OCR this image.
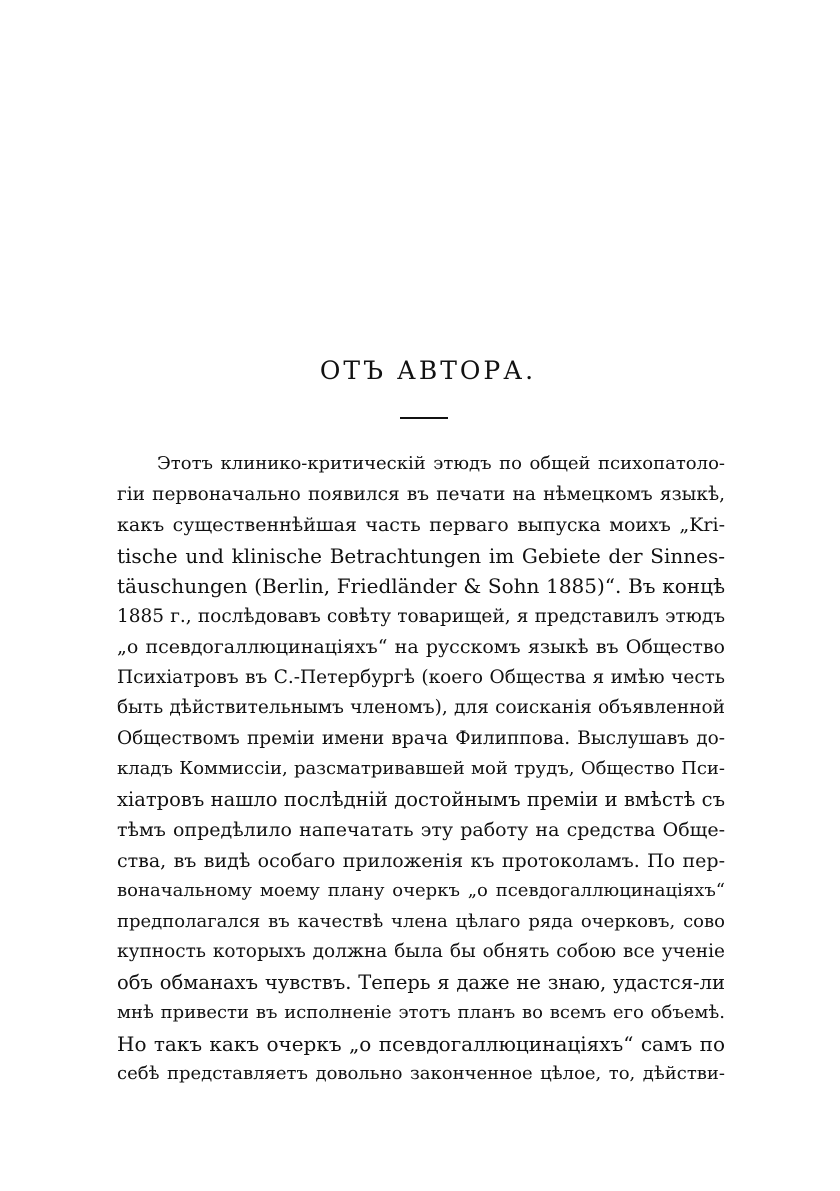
ОТЪ АВТОРА.
Этотъ клинико-критическій этюдъ по общей психопатоло-
гіи первоначально появился въ печати на нѣмецкомъ языкѣ,
какъ существеннѣйшая часть перваго выпуска моихъ „Kri-
tische und klinische Betrachtungen im Gebiete der Sinnes-
täuschungen (Berlin, Friedländer & Sohn 1885)“. Въ концѣ
1885 г., послѣдовавъ совѣту товарищей, я представилъ этюдъ
„о псевдогаллюцинаціяхъ“ на русскомъ языкѣ въ Общество
Психіатровъ въ С.-Петербургѣ (коего Общества я имѣю честь
быть дѣйствительнымъ членомъ), для соисканія объявленной
Обществомъ преміи имени врача Филиппова. Выслушавъ до-
кладъ Коммиссіи, разсматривавшей мой трудъ, Общество Пси-
хіатровъ нашло послѣдній достойнымъ преміи и вмѣстѣ съ
тѣмъ опредѣлило напечатать эту работу на средства Обще-
ства, въ видѣ особаго приложенія къ протоколамъ. По пер-
воначальному моему плану очеркъ „о псевдогаллюцинаціяхъ“
предполагался въ качествѣ члена цѣлаго ряда очерковъ, сово
купность которыхъ должна была бы обнять собою все ученіе
объ обманахъ чувствъ. Теперь я даже не знаю, удастся-ли
мнѣ привести въ исполненіе этотъ планъ во всемъ его объемѣ.
Но такъ какъ очеркъ „о псевдогаллюцинаціяхъ“ самъ по
себѣ представляетъ довольно законченное цѣлое, то, дѣйстви-
